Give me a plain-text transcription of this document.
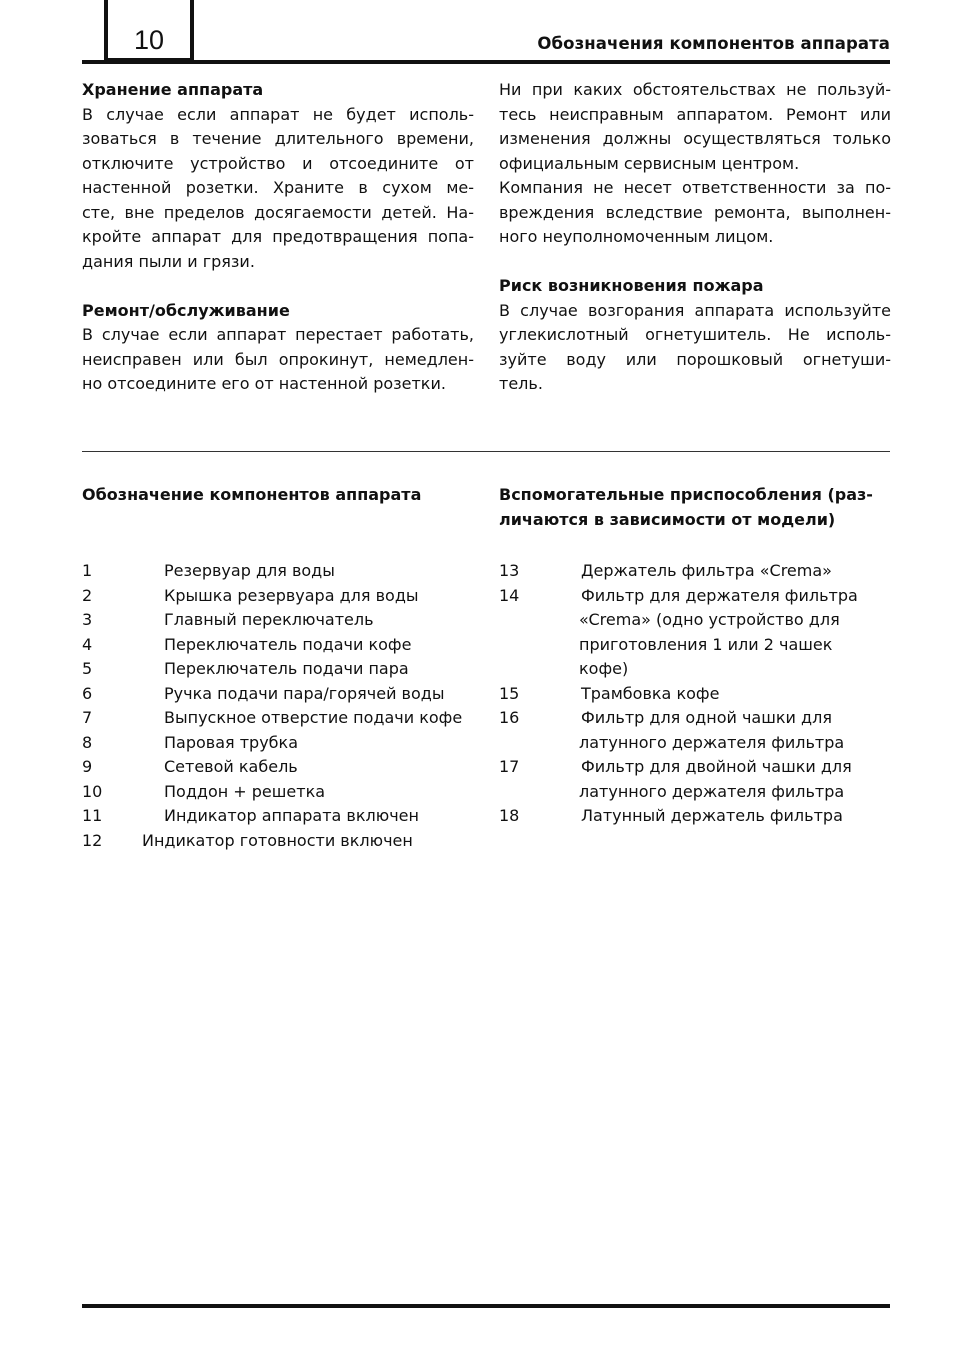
10	Обозначения компонентов аппарата

Хранение аппарата

В случае если аппарат не будет исполь-
зоваться в течение длительного времени,
отключите устройство и отсоедините от
настенной розетки. Храните в сухом ме-
сте, вне пределов досягаемости детей. На-
кройте аппарат для предотвращения попа-
дания пыли и грязи.

Ремонт/обслуживание

В случае если аппарат перестает работать,
неисправен или был опрокинут, немедлен-
но отсоедините его от настенной розетки.
Ни при каких обстоятельствах не пользуй-
тесь неисправным аппаратом. Ремонт или
изменения должны осуществляться только
официальным сервисным центром.
Компания не несет ответственности за по-
вреждения вследствие ремонта, выполнен-
ного неуполномоченным лицом.

Риск возникновения пожара

В случае возгорания аппарата используйте
углекислотный огнетушитель. Не исполь-
зуйте воду или порошковый огнетуши-
тель.

Обозначение компонентов аппарата	Вспомогательные приспособления (раз-

личаются в зависимости от модели)

1	Резервуар для воды
2	Крышка резервуара для воды
3	Главный переключатель
4	Переключатель подачи кофе
5	Переключатель подачи пара
6	Ручка подачи пара/горячей воды
7	Выпускное отверстие подачи кофе
8	Паровая трубка
9	Сетевой кабель
10	Поддон + решетка
11	Индикатор аппарата включен
12	Индикатор готовности включен
13	Держатель фильтра «Crema»
14	Фильтр для держателя фильтра
«Crema» (одно устройство для
приготовления 1 или 2 чашек
кофе)
15	Трамбовка кофе
16	Фильтр для одной чашки для
латунного держателя фильтра
17	Фильтр для двойной чашки для
латунного держателя фильтра
18	Латунный держатель фильтра
